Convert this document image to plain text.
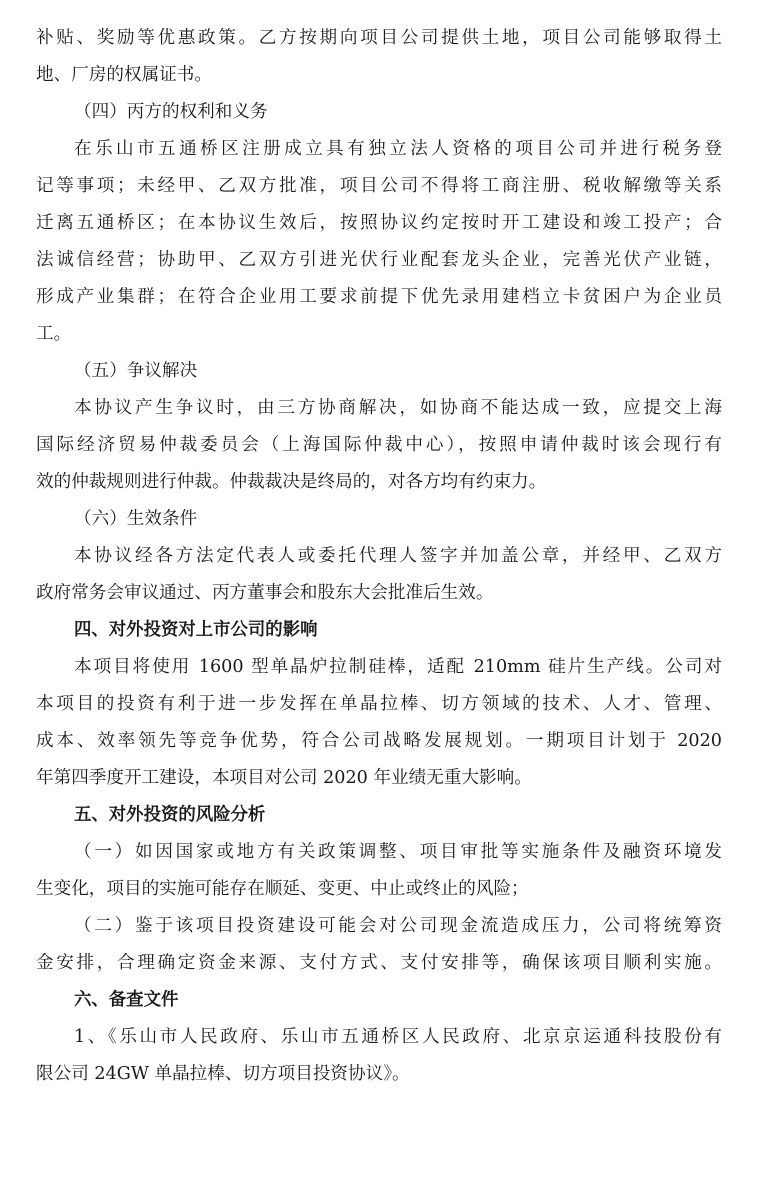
补贴、奖励等优惠政策。乙方按期向项目公司提供土地，项目公司能够取得土
地、厂房的权属证书。
（四）丙方的权利和义务
在乐山市五通桥区注册成立具有独立法人资格的项目公司并进行税务登
记等事项；未经甲、乙双方批准，项目公司不得将工商注册、税收解缴等关系
迁离五通桥区；在本协议生效后，按照协议约定按时开工建设和竣工投产；合
法诚信经营；协助甲、乙双方引进光伏行业配套龙头企业，完善光伏产业链，
形成产业集群；在符合企业用工要求前提下优先录用建档立卡贫困户为企业员
工。
（五）争议解决
本协议产生争议时，由三方协商解决，如协商不能达成一致，应提交上海
国际经济贸易仲裁委员会（上海国际仲裁中心），按照申请仲裁时该会现行有
效的仲裁规则进行仲裁。仲裁裁决是终局的，对各方均有约束力。
（六）生效条件
本协议经各方法定代表人或委托代理人签字并加盖公章，并经甲、乙双方
政府常务会审议通过、丙方董事会和股东大会批准后生效。
四、对外投资对上市公司的影响
本项目将使用 1600 型单晶炉拉制硅棒，适配 210mm 硅片生产线。公司对
本项目的投资有利于进一步发挥在单晶拉棒、切方领域的技术、人才、管理、
成本、效率领先等竞争优势，符合公司战略发展规划。一期项目计划于 2020
年第四季度开工建设，本项目对公司 2020 年业绩无重大影响。
五、对外投资的风险分析
（一）如因国家或地方有关政策调整、项目审批等实施条件及融资环境发
生变化，项目的实施可能存在顺延、变更、中止或终止的风险；
（二）鉴于该项目投资建设可能会对公司现金流造成压力，公司将统筹资
金安排，合理确定资金来源、支付方式、支付安排等，确保该项目顺利实施。
六、备查文件
1、《乐山市人民政府、乐山市五通桥区人民政府、北京京运通科技股份有
限公司 24GW 单晶拉棒、切方项目投资协议》。
